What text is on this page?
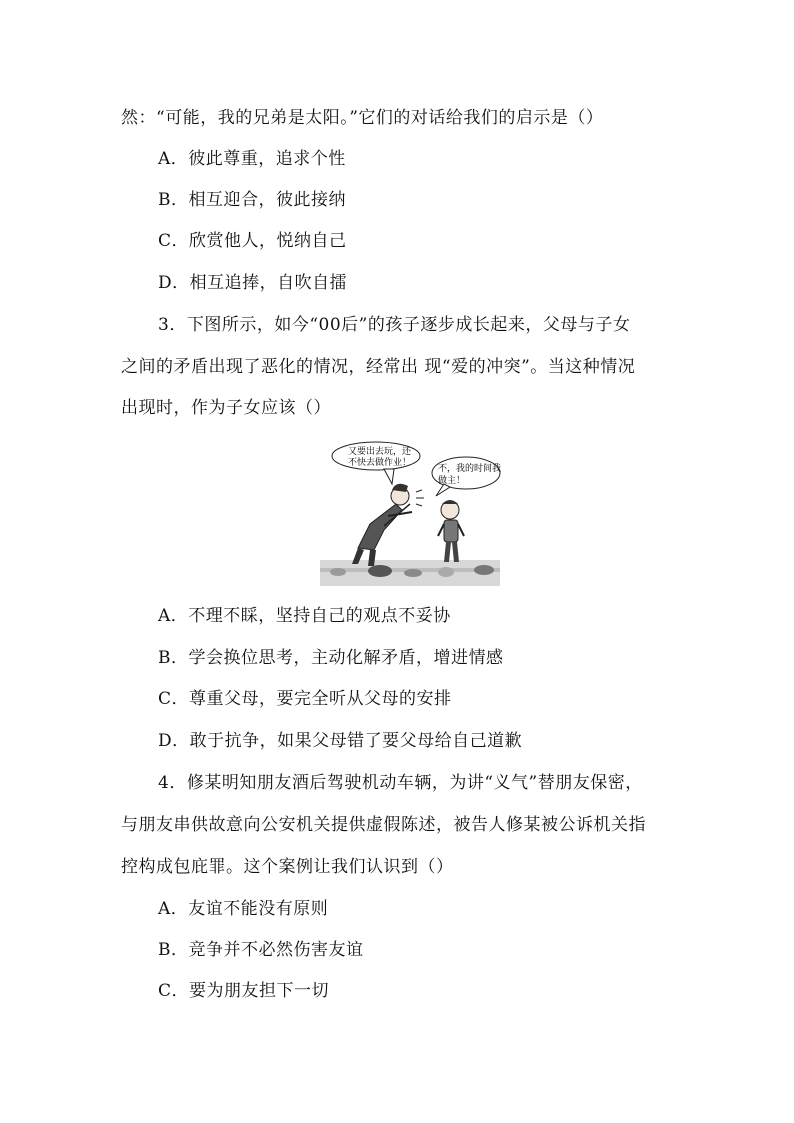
然：“可能，我的兄弟是太阳。”它们的对话给我们的启示是（）
A．彼此尊重，追求个性
B．相互迎合，彼此接纳
C．欣赏他人，悦纳自己
D．相互追捧，自吹自擂
3．下图所示，如今“00后”的孩子逐步成长起来，父母与子女
之间的矛盾出现了恶化的情况，经常出 现“爱的冲突”。当这种情况
出现时，作为子女应该（）
又要出去玩，还
不快去做作业！
不，我的时间我
做主！
A．不理不睬，坚持自己的观点不妥协
B．学会换位思考，主动化解矛盾，增进情感
C．尊重父母，要完全听从父母的安排
D．敢于抗争，如果父母错了要父母给自己道歉
4．修某明知朋友酒后驾驶机动车辆，为讲“义气”替朋友保密，
与朋友串供故意向公安机关提供虚假陈述，被告人修某被公诉机关指
控构成包庇罪。这个案例让我们认识到（）
A．友谊不能没有原则
B．竞争并不必然伤害友谊
C．要为朋友担下一切
